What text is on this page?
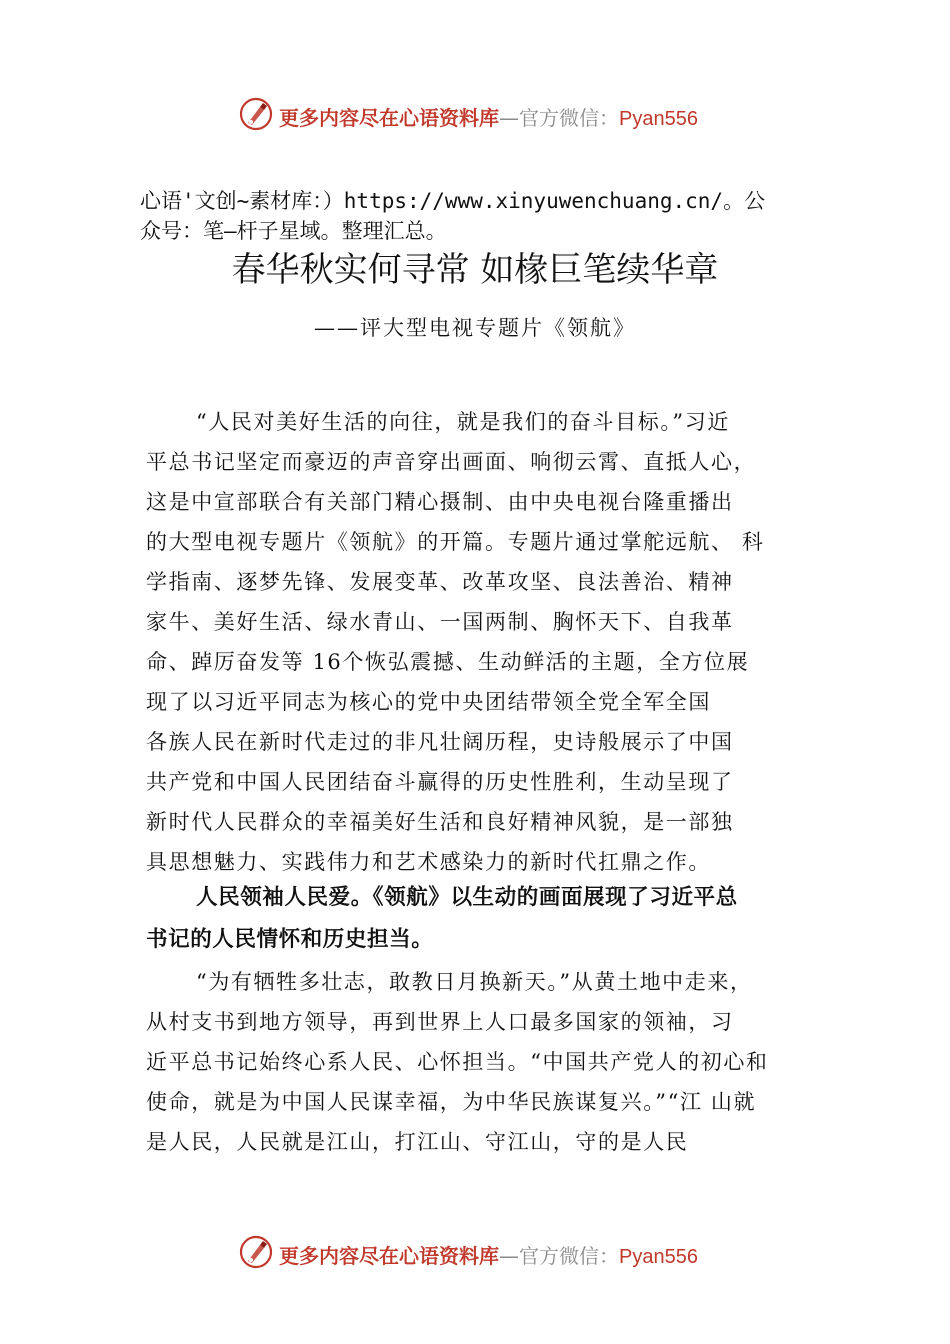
更多内容尽在心语资料库—官方微信：Pyan556
心语'文创~素材库：）https://www.xinyuwenchuang.cn/。公
众号：笔—杆子星域。整理汇总。
春华秋实何寻常 如椽巨笔续华章
——评大型电视专题片《领航》
“人民对美好生活的向往，就是我们的奋斗目标。”习近
平总书记坚定而豪迈的声音穿出画面、响彻云霄、直抵人心，
这是中宣部联合有关部门精心摄制、由中央电视台隆重播出
的大型电视专题片《领航》的开篇。专题片通过掌舵远航、 科
学指南、逐梦先锋、发展变革、改革攻坚、良法善治、精神
家⽜、美好生活、绿水青山、一国两制、胸怀天下、自我革
命、踔厉奋发等 16个恢弘震撼、生动鲜活的主题，全方位展
现了以习近平同志为核心的党中央团结带领全党全军全国
各族人民在新时代走过的非凡壮阔历程，史诗般展示了中国
共产党和中国人民团结奋斗赢得的历史性胜利，生动呈现了
新时代人民群众的幸福美好生活和良好精神风貌，是一部独
具思想魅力、实践伟力和艺术感染力的新时代扛鼎之作。
人民领袖人民爱。《领航》以生动的画面展现了习近平总
书记的人民情怀和历史担当。
“为有牺牲多壮志，敢教日月换新天。”从黄土地中走来，
从村支书到地方领导，再到世界上人口最多国家的领袖，习
近平总书记始终心系人民、心怀担当。“中国共产党人的初心和
使命，就是为中国人民谋幸福，为中华民族谋复兴。”“江 山就
是人民，人民就是江山，打江山、守江山，守的是人民
更多内容尽在心语资料库—官方微信：Pyan556
